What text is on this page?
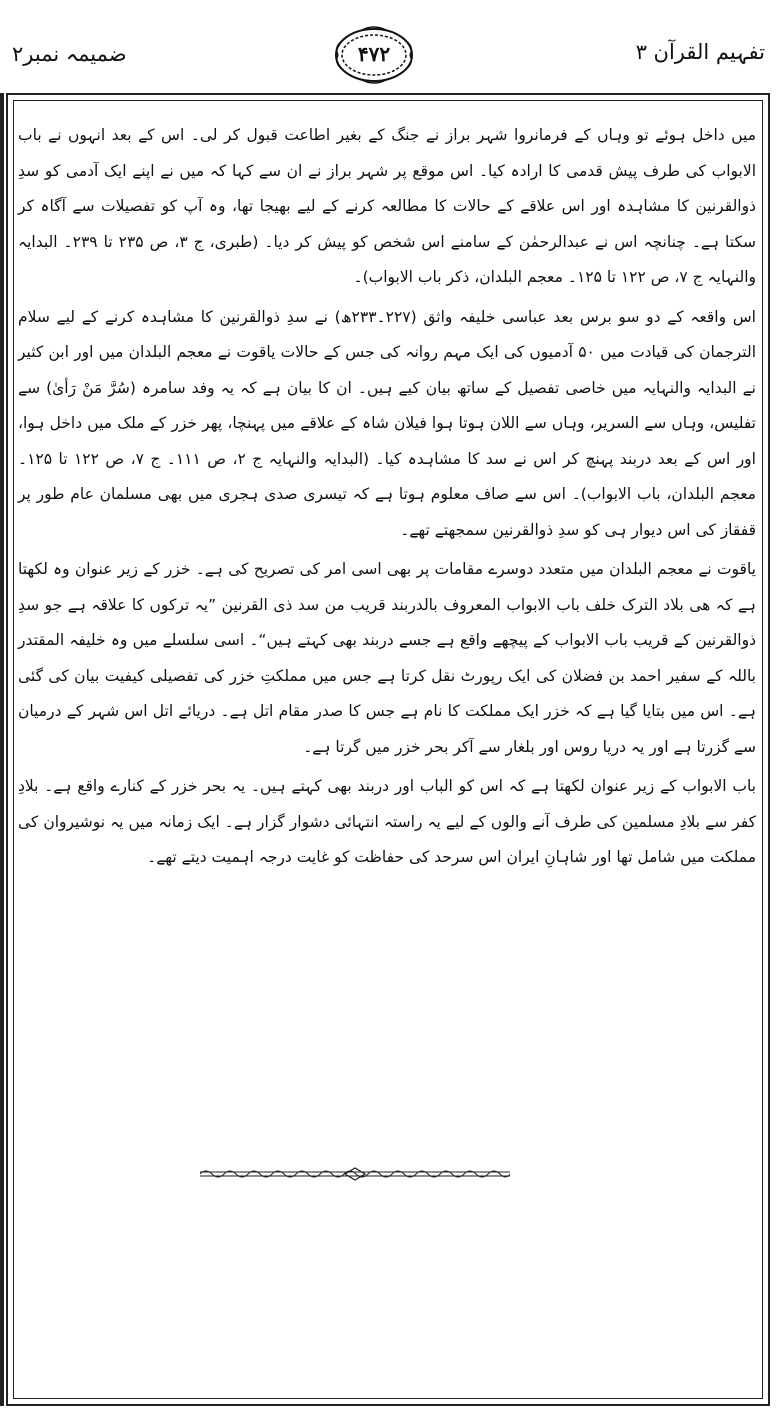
ضمیمہ نمبر۲	۴۷۲	تفہیم القرآن ۳

میں داخل ہوئے تو وہاں کے فرمانروا شہر براز نے جنگ کے بغیر اطاعت قبول کر لی۔ اس کے بعد انہوں نے باب الابواب کی طرف پیش قدمی کا ارادہ کیا۔ اس موقع پر شہر براز نے ان سے کہا کہ میں نے اپنے ایک آدمی کو سدِ ذوالقرنین کا مشاہدہ اور اس علاقے کے حالات کا مطالعہ کرنے کے لیے بھیجا تھا، وہ آپ کو تفصیلات سے آگاہ کر سکتا ہے۔ چنانچہ اس نے عبدالرحمٰن کے سامنے اس شخص کو پیش کر دیا۔ (طبری، ج ۳، ص ۲۳۵ تا ۲۳۹۔ البدایہ والنہایہ ج ۷، ص ۱۲۲ تا ۱۲۵۔ معجم البلدان، ذکر باب الابواب)۔

اس واقعہ کے دو سو برس بعد عباسی خلیفہ واثق (۲۲۷۔۲۳۳ھ) نے سدِ ذوالقرنین کا مشاہدہ کرنے کے لیے سلام الترجمان کی قیادت میں ۵۰ آدمیوں کی ایک مہم روانہ کی جس کے حالات یاقوت نے معجم البلدان میں اور ابن کثیر نے البدایہ والنہایہ میں خاصی تفصیل کے ساتھ بیان کیے ہیں۔ ان کا بیان ہے کہ یہ وفد سامرہ (سُرَّ مَنْ رَأیٰ) سے تفلیس، وہاں سے السریر، وہاں سے اللان ہوتا ہوا فیلان شاہ کے علاقے میں پہنچا، پھر خزر کے ملک میں داخل ہوا، اور اس کے بعد دربند پہنچ کر اس نے سد کا مشاہدہ کیا۔ (البدایہ والنہایہ ج ۲، ص ۱۱۱۔ ج ۷، ص ۱۲۲ تا ۱۲۵۔ معجم البلدان، باب الابواب)۔ اس سے صاف معلوم ہوتا ہے کہ تیسری صدی ہجری میں بھی مسلمان عام طور پر قفقاز کی اس دیوار ہی کو سدِ ذوالقرنین سمجھتے تھے۔

یاقوت نے معجم البلدان میں متعدد دوسرے مقامات پر بھی اسی امر کی تصریح کی ہے۔ خزر کے زیر عنوان وہ لکھتا ہے کہ ھی بلاد الترک خلف باب الابواب المعروف بالدربند قریب من سد ذی القرنین ”یہ ترکوں کا علاقہ ہے جو سدِ ذوالقرنین کے قریب باب الابواب کے پیچھے واقع ہے جسے دربند بھی کہتے ہیں“۔ اسی سلسلے میں وہ خلیفہ المقتدر باللہ کے سفیر احمد بن فضلان کی ایک رپورٹ نقل کرتا ہے جس میں مملکتِ خزر کی تفصیلی کیفیت بیان کی گئی ہے۔ اس میں بتایا گیا ہے کہ خزر ایک مملکت کا نام ہے جس کا صدر مقام اتل ہے۔ دریائے اتل اس شہر کے درمیان سے گزرتا ہے اور یہ دریا روس اور بلغار سے آکر بحر خزر میں گرتا ہے۔

باب الابواب کے زیر عنوان لکھتا ہے کہ اس کو الباب اور دربند بھی کہتے ہیں۔ یہ بحر خزر کے کنارے واقع ہے۔ بلادِ کفر سے بلادِ مسلمین کی طرف آنے والوں کے لیے یہ راستہ انتہائی دشوار گزار ہے۔ ایک زمانہ میں یہ نوشیروان کی مملکت میں شامل تھا اور شاہانِ ایران اس سرحد کی حفاظت کو غایت درجہ اہمیت دیتے تھے۔
